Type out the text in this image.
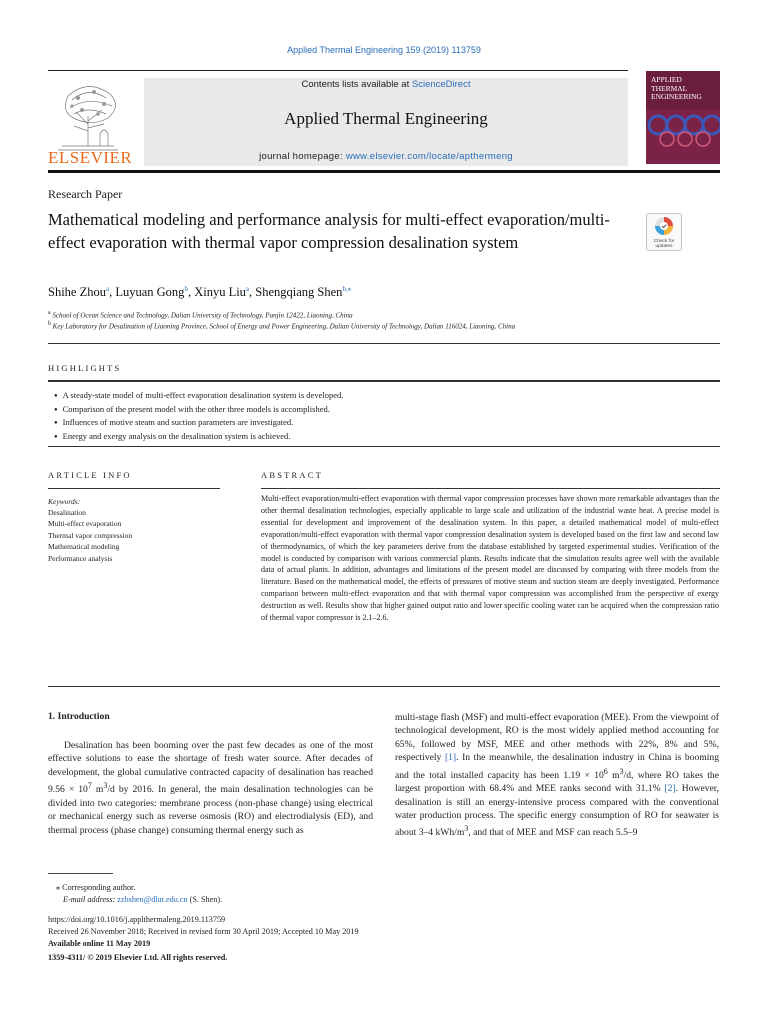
Applied Thermal Engineering 159 (2019) 113759
ELSEVIER
Contents lists available at ScienceDirect
Applied Thermal Engineering
journal homepage: www.elsevier.com/locate/apthermeng
APPLIED
THERMAL
ENGINEERING
Research Paper
Mathematical modeling and performance analysis for multi-effect evaporation/multi-effect evaporation with thermal vapor compression desalination system	Check for
updates
Shihe Zhou$^a$, Luyuan Gong$^b$, Xinyu Liu$^a$, Shengqiang Shen$^{b,⁎}$
$^a$ School of Ocean Science and Technology, Dalian University of Technology, Panjin 12422, Liaoning, China
$^b$ Key Laboratory for Desalination of Liaoning Province, School of Energy and Power Engineering, Dalian University of Technology, Dalian 116024, Liaoning, China
HIGHLIGHTS
● A steady-state model of multi-effect evaporation desalination system is developed.
● Comparison of the present model with the other three models is accomplished.
● Influences of motive steam and suction parameters are investigated.
● Energy and exergy analysis on the desalination system is achieved.
ARTICLE INFO
Keywords:
Desalination
Multi-effect evaporation
Thermal vapor compression
Mathematical modeling
Performance analysis
ABSTRACT
Multi-effect evaporation/multi-effect evaporation with thermal vapor compression processes have shown more remarkable advantages than the other thermal desalination technologies, especially applicable to large scale and utilization of the industrial waste heat. A precise model is essential for development and improvement of the desalination system. In this paper, a detailed mathematical model of multi-effect evaporation/multi-effect evaporation with thermal vapor compression desalination system is developed based on the first law and second law of thermodynamics, of which the key parameters derive from the database established by targeted experimental studies. Verification of the model is conducted by comparison with various commercial plants. Results indicate that the simulation results agree well with the available data of actual plants. In addition, advantages and limitations of the present model are discussed by comparing with three models from the literature. Based on the mathematical model, the effects of pressures of motive steam and suction steam are deeply investigated. Performance comparison between multi-effect evaporation and that with thermal vapor compression was accomplished from the perspective of exergy destruction as well. Results show that higher gained output ratio and lower specific cooling water can be acquired when the compression ratio of thermal vapor compressor is 2.1–2.6.
1. Introduction
Desalination has been booming over the past few decades as one of the most effective solutions to ease the shortage of fresh water source. After decades of development, the global cumulative contracted capacity of desalination has reached $9.56 \times 10^7$ $m^3/d$ by 2016. In general, the main desalination technologies can be divided into two categories: membrane process (non-phase change) using electrical or mechanical energy such as reverse osmosis (RO) and electrodialysis (ED), and thermal process (phase change) consuming thermal energy such as
multi-stage flash (MSF) and multi-effect evaporation (MEE). From the viewpoint of technological development, RO is the most widely applied method accounting for 65%, followed by MSF, MEE and other methods with 22%, 8% and 5%, respectively [1]. In the meanwhile, the desalination industry in China is booming and the total installed capacity has been $1.19 \times 10^6$ $m^3/d$, where RO takes the largest proportion with 68.4% and MEE ranks second with 31.1% [2]. However, desalination is still an energy-intensive process compared with the conventional water production process. The specific energy consumption of RO for seawater is about 3–4 kWh/$m^3$, and that of MEE and MSF can reach 5.5–9
⁎ Corresponding author.
E-mail address: zzbshen@dlut.edu.cn (S. Shen).
https://doi.org/10.1016/j.applthermaleng.2019.113759
Received 26 November 2018; Received in revised form 30 April 2019; Accepted 10 May 2019
Available online 11 May 2019
1359-4311/ © 2019 Elsevier Ltd. All rights reserved.
